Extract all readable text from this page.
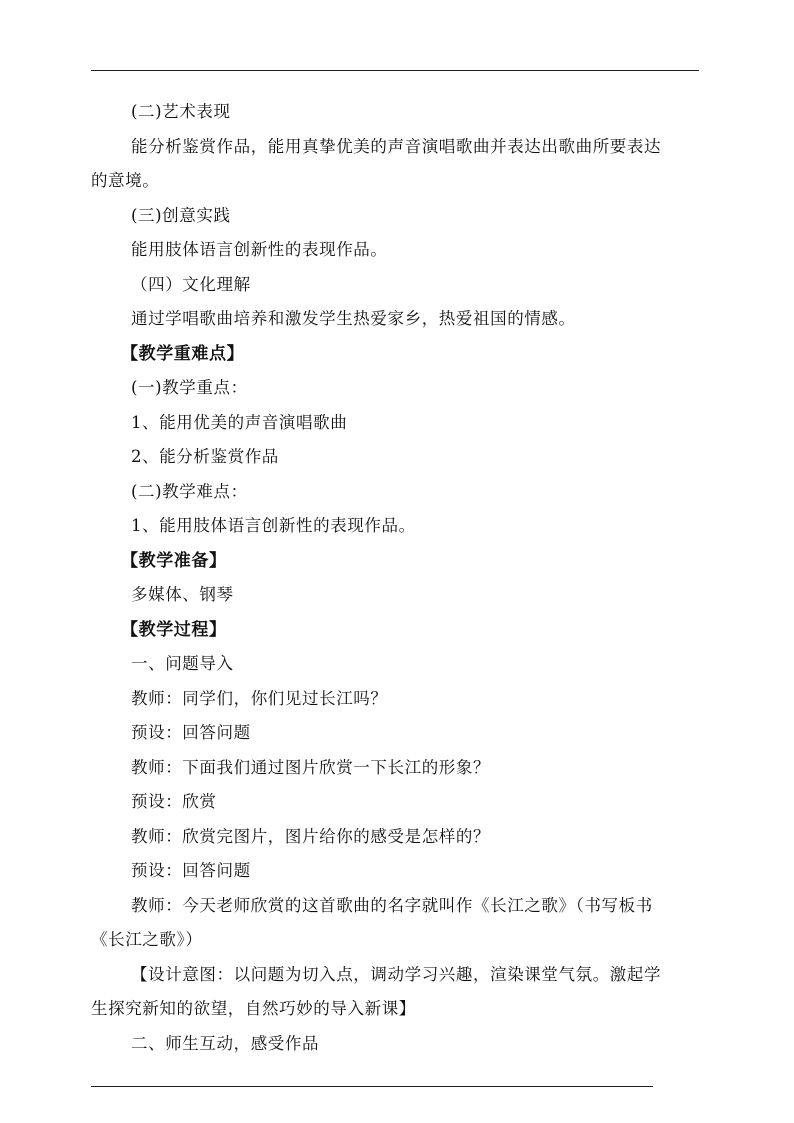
(二)艺术表现
能分析鉴赏作品，能用真挚优美的声音演唱歌曲并表达出歌曲所要表达
的意境。
(三)创意实践
能用肢体语言创新性的表现作品。
（四）文化理解
通过学唱歌曲培养和激发学生热爱家乡，热爱祖国的情感。
【教学重难点】
(一)教学重点：
1、能用优美的声音演唱歌曲
2、能分析鉴赏作品
(二)教学难点：
1、能用肢体语言创新性的表现作品。
【教学准备】
多媒体、钢琴
【教学过程】
一、问题导入
教师：同学们，你们见过长江吗？
预设：回答问题
教师：下面我们通过图片欣赏一下长江的形象？
预设：欣赏
教师：欣赏完图片，图片给你的感受是怎样的？
预设：回答问题
教师：今天老师欣赏的这首歌曲的名字就叫作《长江之歌》（书写板书
《长江之歌》）
【设计意图：以问题为切入点，调动学习兴趣，渲染课堂气氛。激起学
生探究新知的欲望，自然巧妙的导入新课】
二、师生互动，感受作品
